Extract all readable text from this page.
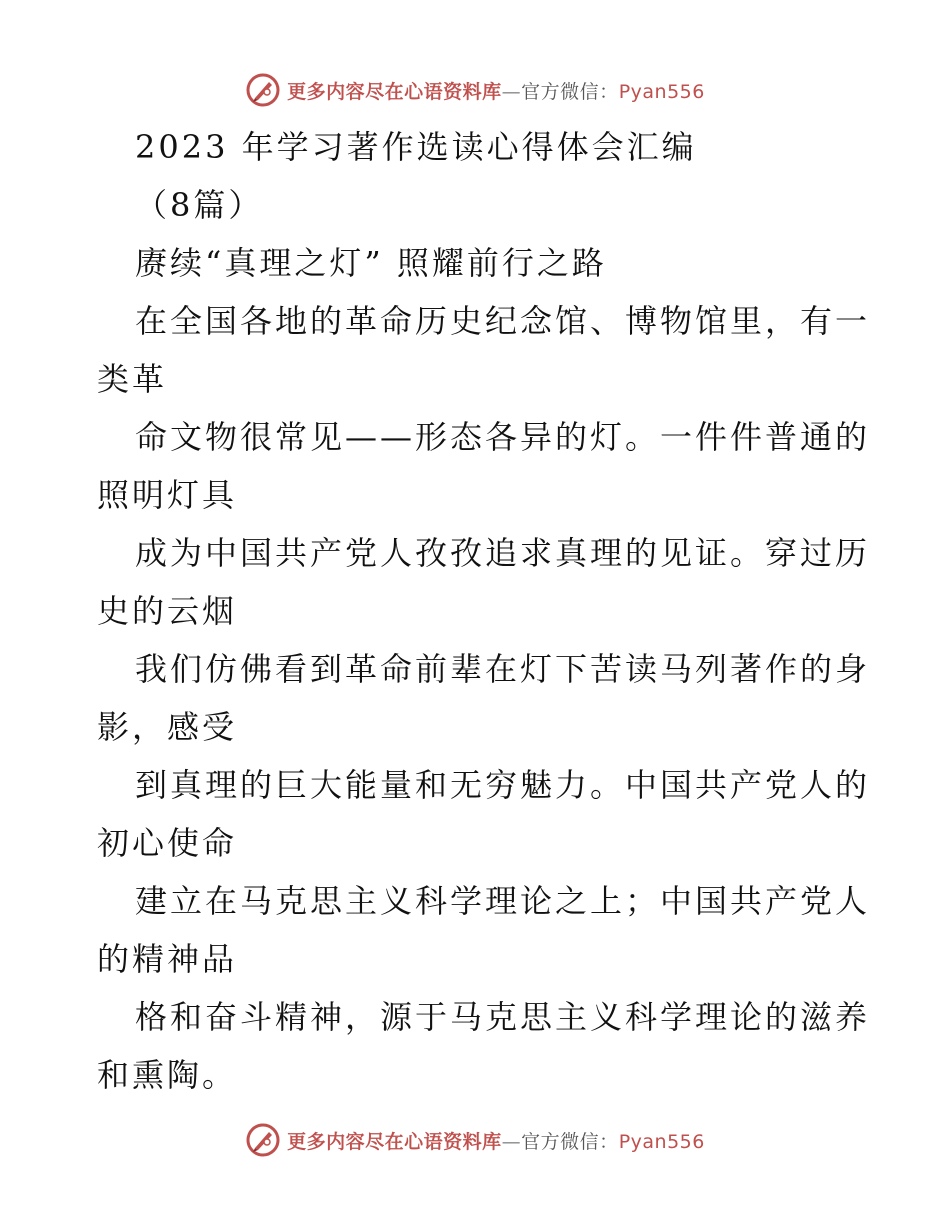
更多内容尽在心语资料库—官方微信：Pyan556
2023 年学习著作选读心得体会汇编
（8篇）
赓续“真理之灯” 照耀前行之路
在全国各地的革命历史纪念馆、博物馆里，有一
类革
命文物很常见——形态各异的灯。一件件普通的
照明灯具
成为中国共产党人孜孜追求真理的见证。穿过历
史的云烟
我们仿佛看到革命前辈在灯下苦读马列著作的身
影，感受
到真理的巨大能量和无穷魅力。中国共产党人的
初心使命
建立在马克思主义科学理论之上；中国共产党人
的精神品
格和奋斗精神，源于马克思主义科学理论的滋养
和熏陶。
更多内容尽在心语资料库—官方微信：Pyan556
